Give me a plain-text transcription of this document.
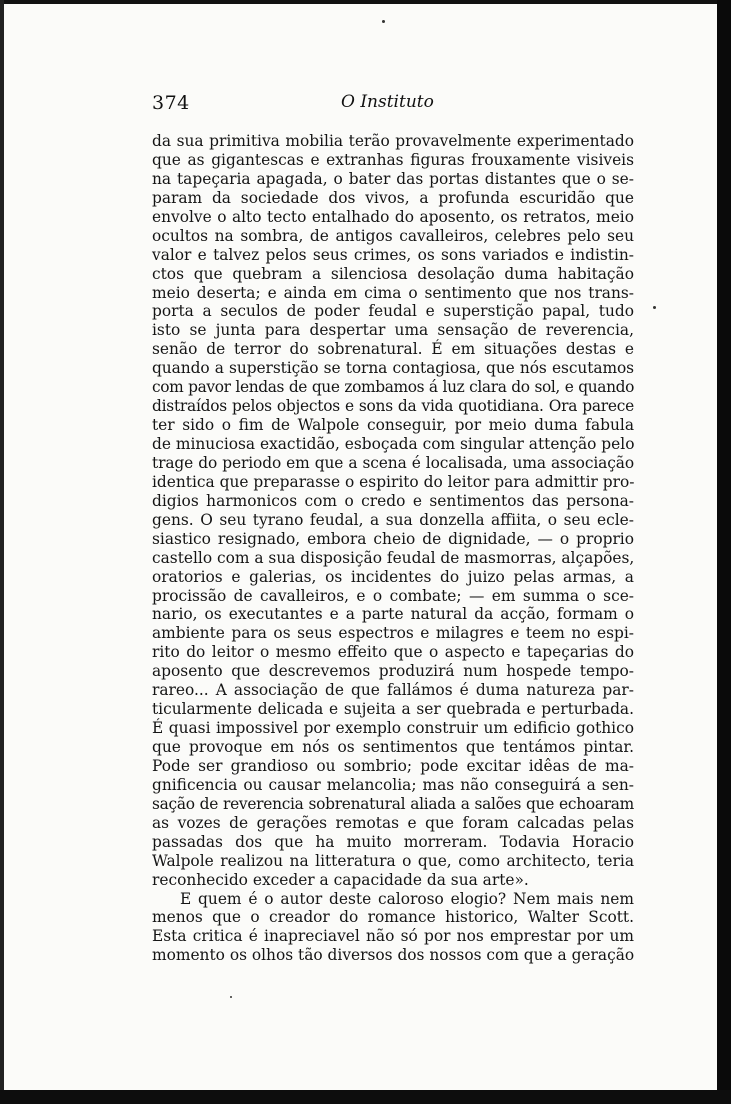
374	O Instituto
da sua primitiva mobilia terão provavelmente experimentado
que as gigantescas e extranhas figuras frouxamente visiveis
na tapeçaria apagada, o bater das portas distantes que o se-
param da sociedade dos vivos, a profunda escuridão que
envolve o alto tecto entalhado do aposento, os retratos, meio
ocultos na sombra, de antigos cavalleiros, celebres pelo seu
valor e talvez pelos seus crimes, os sons variados e indistin-
ctos que quebram a silenciosa desolação duma habitação
meio deserta; e ainda em cima o sentimento que nos trans-
porta a seculos de poder feudal e superstição papal, tudo
isto se junta para despertar uma sensação de reverencia,
senão de terror do sobrenatural. É em situações destas e
quando a superstição se torna contagiosa, que nós escutamos
com pavor lendas de que zombamos á luz clara do sol, e quando
distraídos pelos objectos e sons da vida quotidiana. Ora parece
ter sido o fim de Walpole conseguir, por meio duma fabula
de minuciosa exactidão, esboçada com singular attenção pelo
trage do periodo em que a scena é localisada, uma associação
identica que preparasse o espirito do leitor para admittir pro-
digios harmonicos com o credo e sentimentos das persona-
gens. O seu tyrano feudal, a sua donzella affiita, o seu ecle-
siastico resignado, embora cheio de dignidade, — o proprio
castello com a sua disposição feudal de masmorras, alçapões,
oratorios e galerias, os incidentes do juizo pelas armas, a
procissão de cavalleiros, e o combate; — em summa o sce-
nario, os executantes e a parte natural da acção, formam o
ambiente para os seus espectros e milagres e teem no espi-
rito do leitor o mesmo effeito que o aspecto e tapeçarias do
aposento que descrevemos produzirá num hospede tempo-
rareo... A associação de que fallámos é duma natureza par-
ticularmente delicada e sujeita a ser quebrada e perturbada.
É quasi impossivel por exemplo construir um edificio gothico
que provoque em nós os sentimentos que tentámos pintar.
Pode ser grandioso ou sombrio; pode excitar idêas de ma-
gnificencia ou causar melancolia; mas não conseguirá a sen-
sação de reverencia sobrenatural aliada a salões que echoaram
as vozes de gerações remotas e que foram calcadas pelas
passadas dos que ha muito morreram. Todavia Horacio
Walpole realizou na litteratura o que, como architecto, teria
reconhecido exceder a capacidade da sua arte».
E quem é o autor deste caloroso elogio? Nem mais nem
menos que o creador do romance historico, Walter Scott.
Esta critica é inapreciavel não só por nos emprestar por um
momento os olhos tão diversos dos nossos com que a geração
